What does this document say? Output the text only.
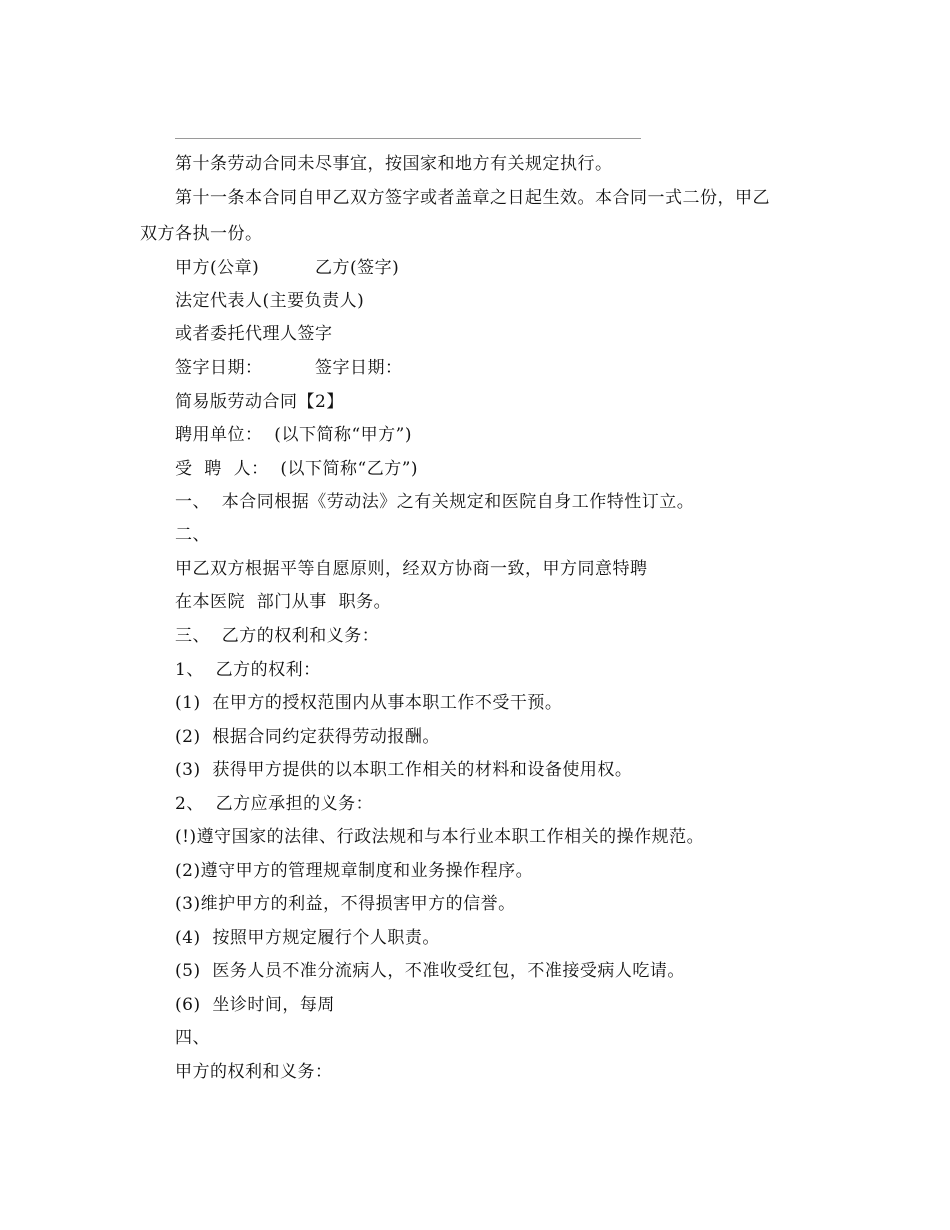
第十条劳动合同未尽事宜，按国家和地方有关规定执行。
第十一条本合同自甲乙双方签字或者盖章之日起生效。本合同一式二份，甲乙
双方各执一份。
甲方(公章)	乙方(签字)
法定代表人(主要负责人)
或者委托代理人签字
签字日期：	签字日期：
简易版劳动合同【2】
聘用单位：  (以下简称“甲方”)
受  聘  人：  (以下简称“乙方”)
一、  本合同根据《劳动法》之有关规定和医院自身工作特性订立。
二、
甲乙双方根据平等自愿原则，经双方协商一致，甲方同意特聘
在本医院  部门从事  职务。
三、  乙方的权利和义务：
1、  乙方的权利：
(1)  在甲方的授权范围内从事本职工作不受干预。
(2)  根据合同约定获得劳动报酬。
(3)  获得甲方提供的以本职工作相关的材料和设备使用权。
2、  乙方应承担的义务：
(!)遵守国家的法律、行政法规和与本行业本职工作相关的操作规范。
(2)遵守甲方的管理规章制度和业务操作程序。
(3)维护甲方的利益，不得损害甲方的信誉。
(4)  按照甲方规定履行个人职责。
(5)  医务人员不准分流病人，不准收受红包，不准接受病人吃请。
(6)  坐诊时间，每周
四、
甲方的权利和义务：
